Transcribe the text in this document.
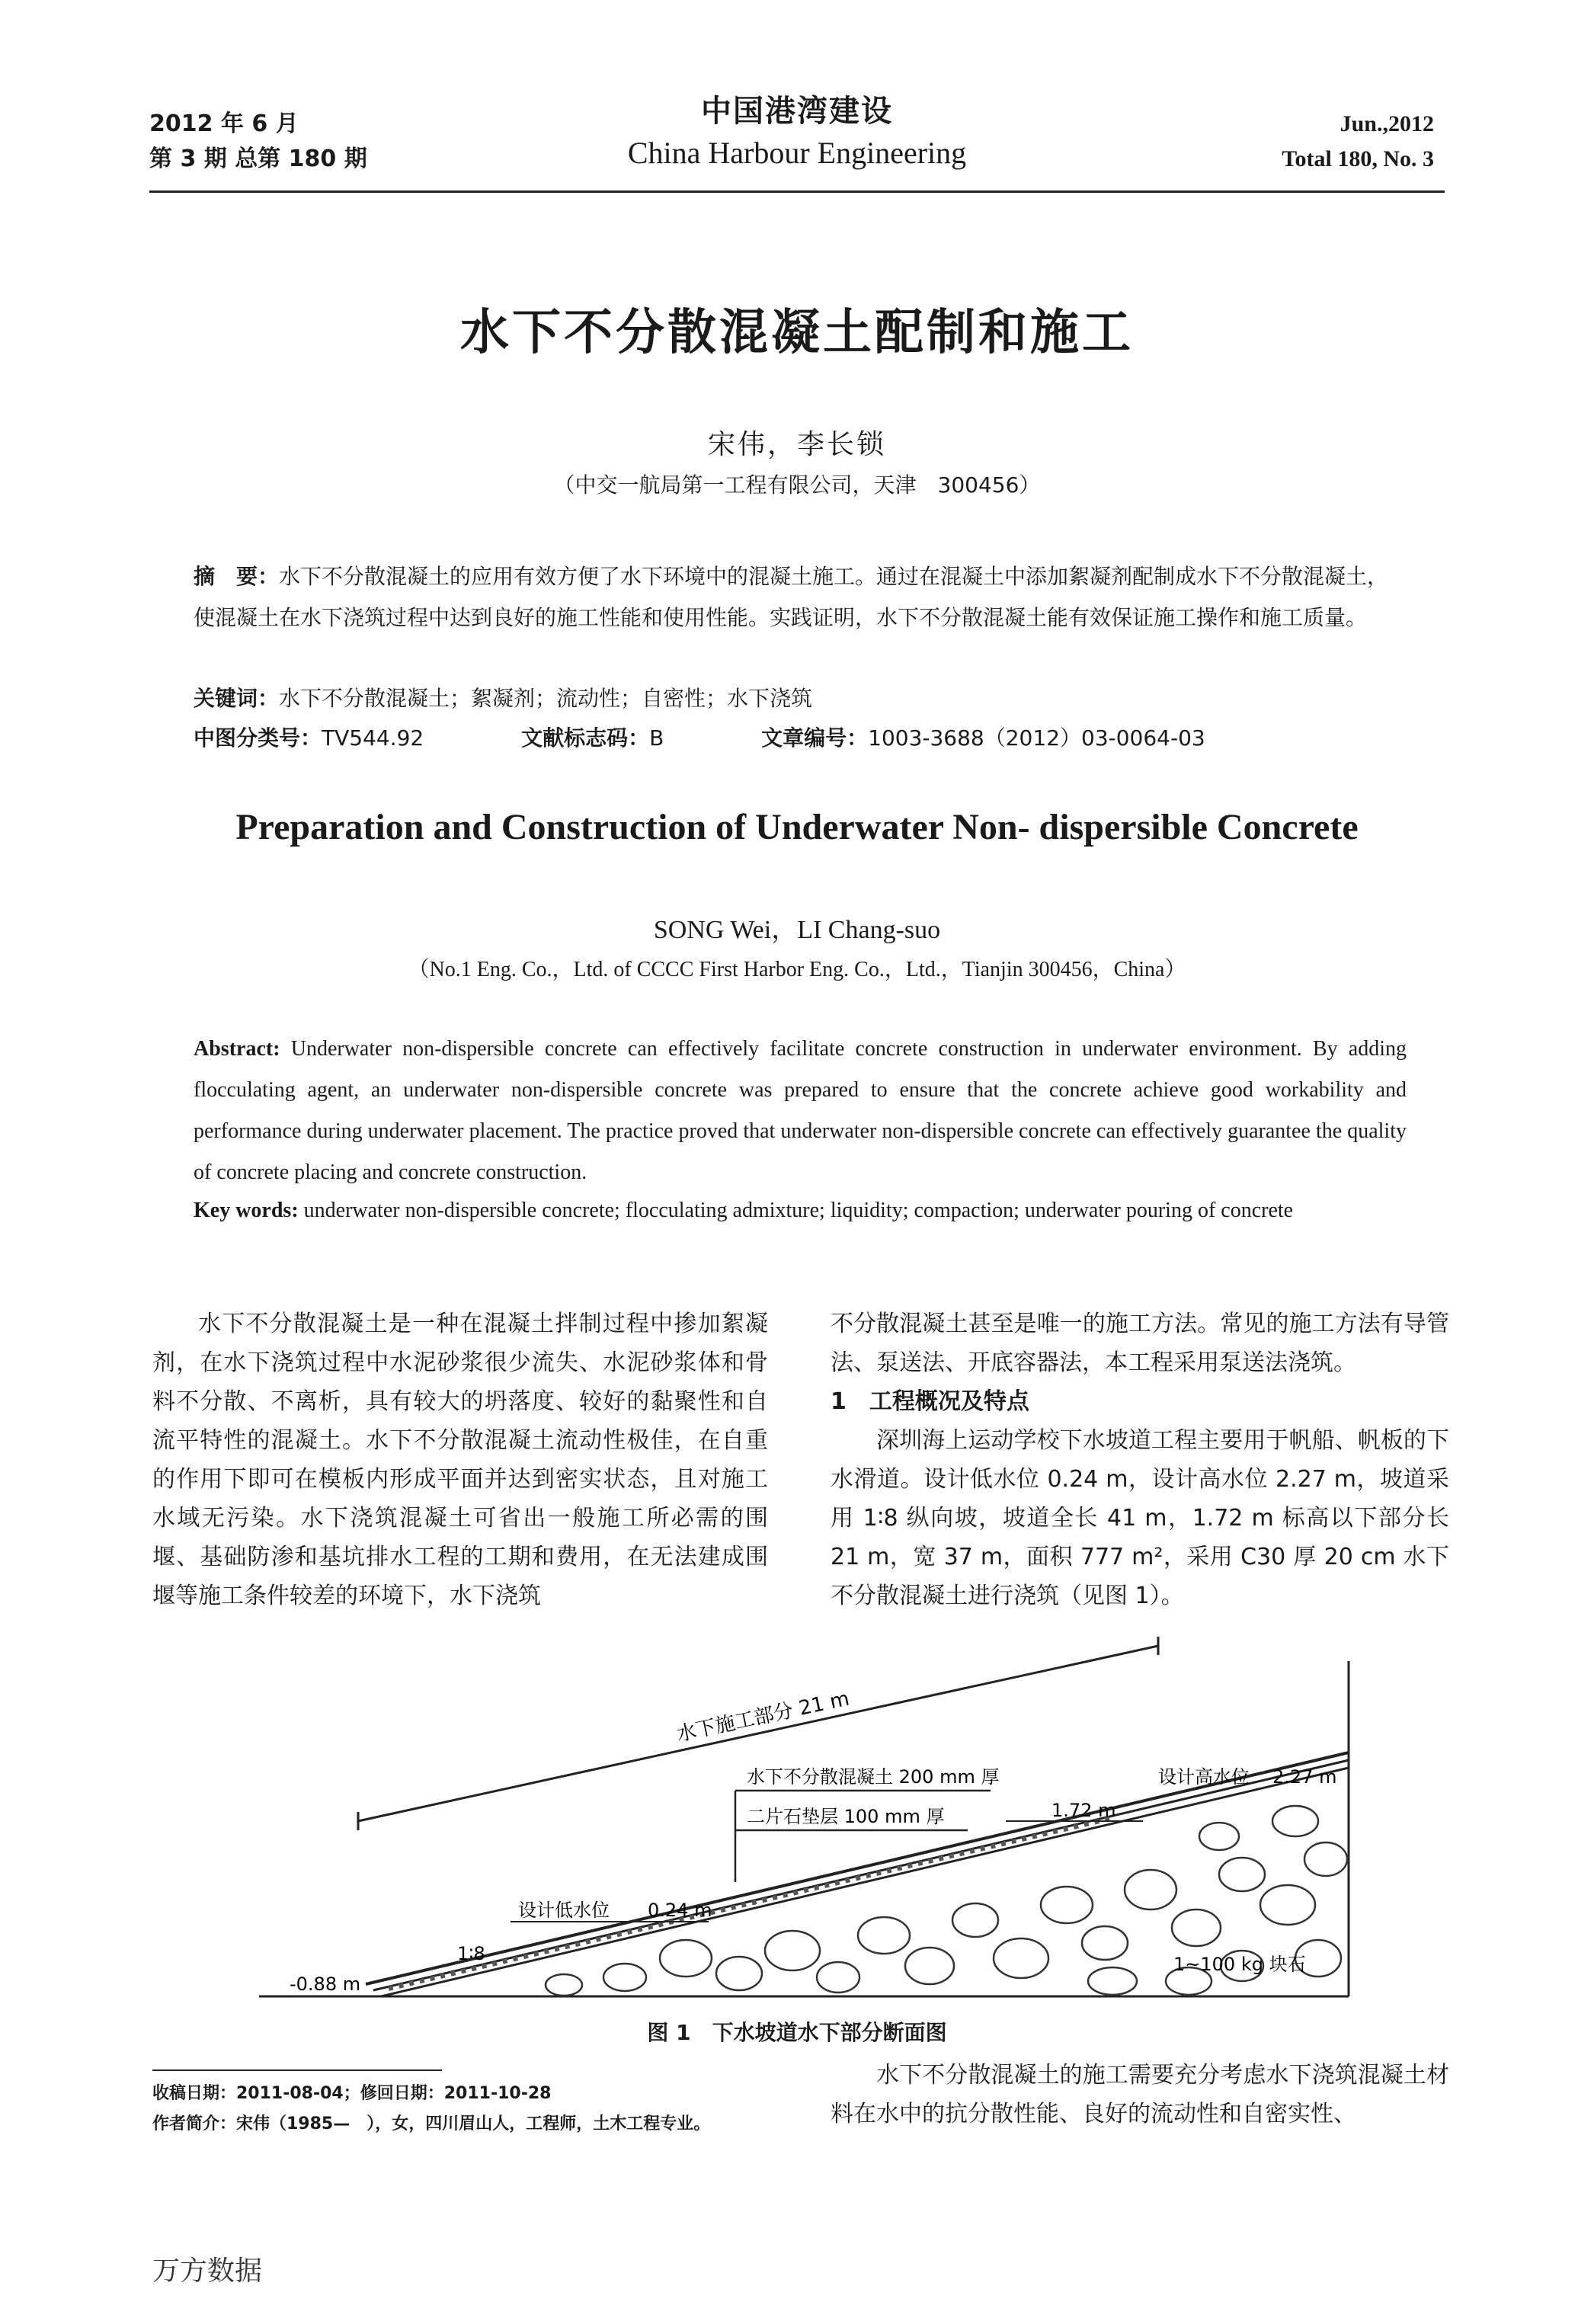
2012 年 6 月
第 3 期 总第 180 期
中国港湾建设
China Harbour Engineering
Jun.,2012
Total 180, No. 3
水下不分散混凝土配制和施工
宋伟，李长锁
（中交一航局第一工程有限公司，天津　300456）
摘　要：水下不分散混凝土的应用有效方便了水下环境中的混凝土施工。通过在混凝土中添加絮凝剂配制成水下不分散混凝土，使混凝土在水下浇筑过程中达到良好的施工性能和使用性能。实践证明，水下不分散混凝土能有效保证施工操作和施工质量。
关键词：水下不分散混凝土；絮凝剂；流动性；自密性；水下浇筑
中图分类号：TV544.92	文献标志码：B	文章编号：1003-3688（2012）03-0064-03
Preparation and Construction of Underwater Non- dispersible Concrete
SONG Wei，LI Chang-suo
（No.1 Eng. Co.，Ltd. of CCCC First Harbor Eng. Co.，Ltd.，Tianjin 300456，China）
Abstract: Underwater non-dispersible concrete can effectively facilitate concrete construction in underwater environment. By adding flocculating agent, an underwater non-dispersible concrete was prepared to ensure that the concrete achieve good workability and performance during underwater placement. The practice proved that underwater non-dispersible concrete can effectively guarantee the quality of concrete placing and concrete construction.
Key words: underwater non-dispersible concrete; flocculating admixture; liquidity; compaction; underwater pouring of concrete

水下不分散混凝土是一种在混凝土拌制过程中掺加絮凝剂，在水下浇筑过程中水泥砂浆很少流失、水泥砂浆体和骨料不分散、不离析，具有较大的坍落度、较好的黏聚性和自流平特性的混凝土。水下不分散混凝土流动性极佳，在自重的作用下即可在模板内形成平面并达到密实状态，且对施工水域无污染。水下浇筑混凝土可省出一般施工所必需的围堰、基础防渗和基坑排水工程的工期和费用，在无法建成围堰等施工条件较差的环境下，水下浇筑

不分散混凝土甚至是唯一的施工方法。常见的施工方法有导管法、泵送法、开底容器法，本工程采用泵送法浇筑。

1　工程概况及特点

深圳海上运动学校下水坡道工程主要用于帆船、帆板的下水滑道。设计低水位 0.24 m，设计高水位 2.27 m，坡道采用 1∶8 纵向坡，坡道全长 41 m，1.72 m 标高以下部分长 21 m，宽 37 m，面积 777 m²，采用 C30 厚 20 cm 水下不分散混凝土进行浇筑（见图 1）。

水下施工部分 21 m
水下不分散混凝土 200 mm 厚
二片石垫层 100 mm 厚
设计高水位 2.27 m
1.72 m
设计低水位 0.24 m
1∶8
-0.88 m
1~100 kg 块石
图 1　下水坡道水下部分断面图
收稿日期：2011-08-04；修回日期：2011-10-28
作者简介：宋伟（1985—　），女，四川眉山人，工程师，土木工程专业。

水下不分散混凝土的施工需要充分考虑水下浇筑混凝土材料在水中的抗分散性能、良好的流动性和自密实性、

万方数据
